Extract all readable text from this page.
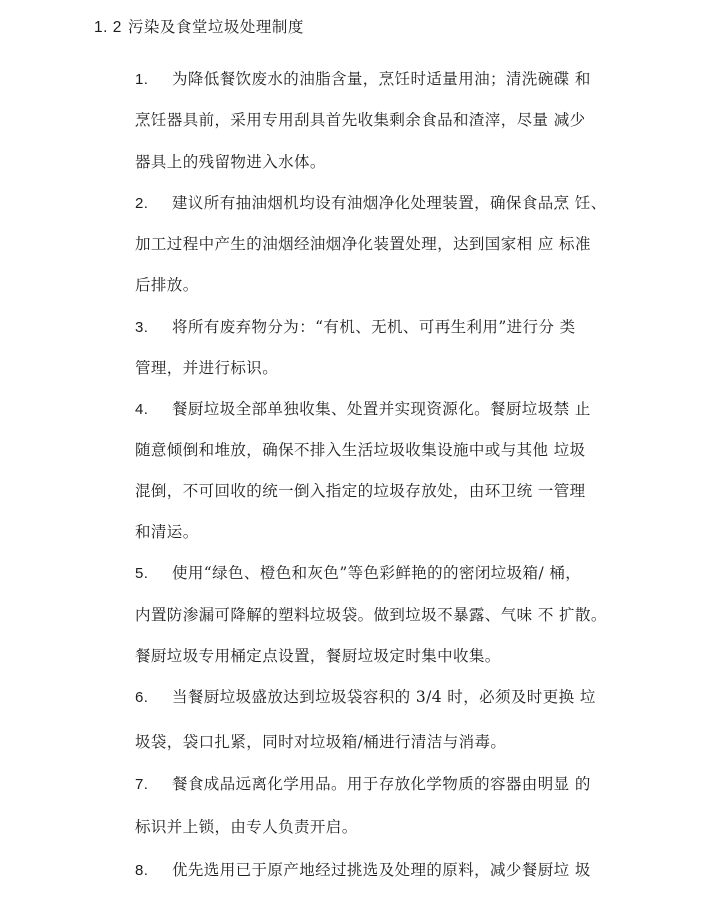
1. 2 污染及食堂垃圾处理制度
1. 为降低餐饮废水的油脂含量，烹饪时适量用油；清洗碗碟 和
烹饪器具前，采用专用刮具首先收集剩余食品和渣滓，尽量 减少
器具上的残留物进入水体。
2. 建议所有抽油烟机均设有油烟净化处理装置，确保食品烹 饪、
加工过程中产生的油烟经油烟净化装置处理，达到国家相 应 标准
后排放。
3. 将所有废弃物分为：“有机、无机、可再生利用”进行分 类
管理，并进行标识。
4. 餐厨垃圾全部单独收集、处置并实现资源化。餐厨垃圾禁 止
随意倾倒和堆放，确保不排入生活垃圾收集设施中或与其他 垃圾
混倒，不可回收的统一倒入指定的垃圾存放处，由环卫统 一管理
和清运。
5. 使用“绿色、橙色和灰色”等色彩鲜艳的的密闭垃圾箱/ 桶，
内置防渗漏可降解的塑料垃圾袋。做到垃圾不暴露、气味 不 扩散。
餐厨垃圾专用桶定点设置，餐厨垃圾定时集中收集。
6. 当餐厨垃圾盛放达到垃圾袋容积的 3/4 时，必须及时更换 垃
圾袋，袋口扎紧，同时对垃圾箱/桶进行清洁与消毒。
7. 餐食成品远离化学用品。用于存放化学物质的容器由明显 的
标识并上锁，由专人负责开启。
8. 优先选用已于原产地经过挑选及处理的原料，减少餐厨垃 圾
